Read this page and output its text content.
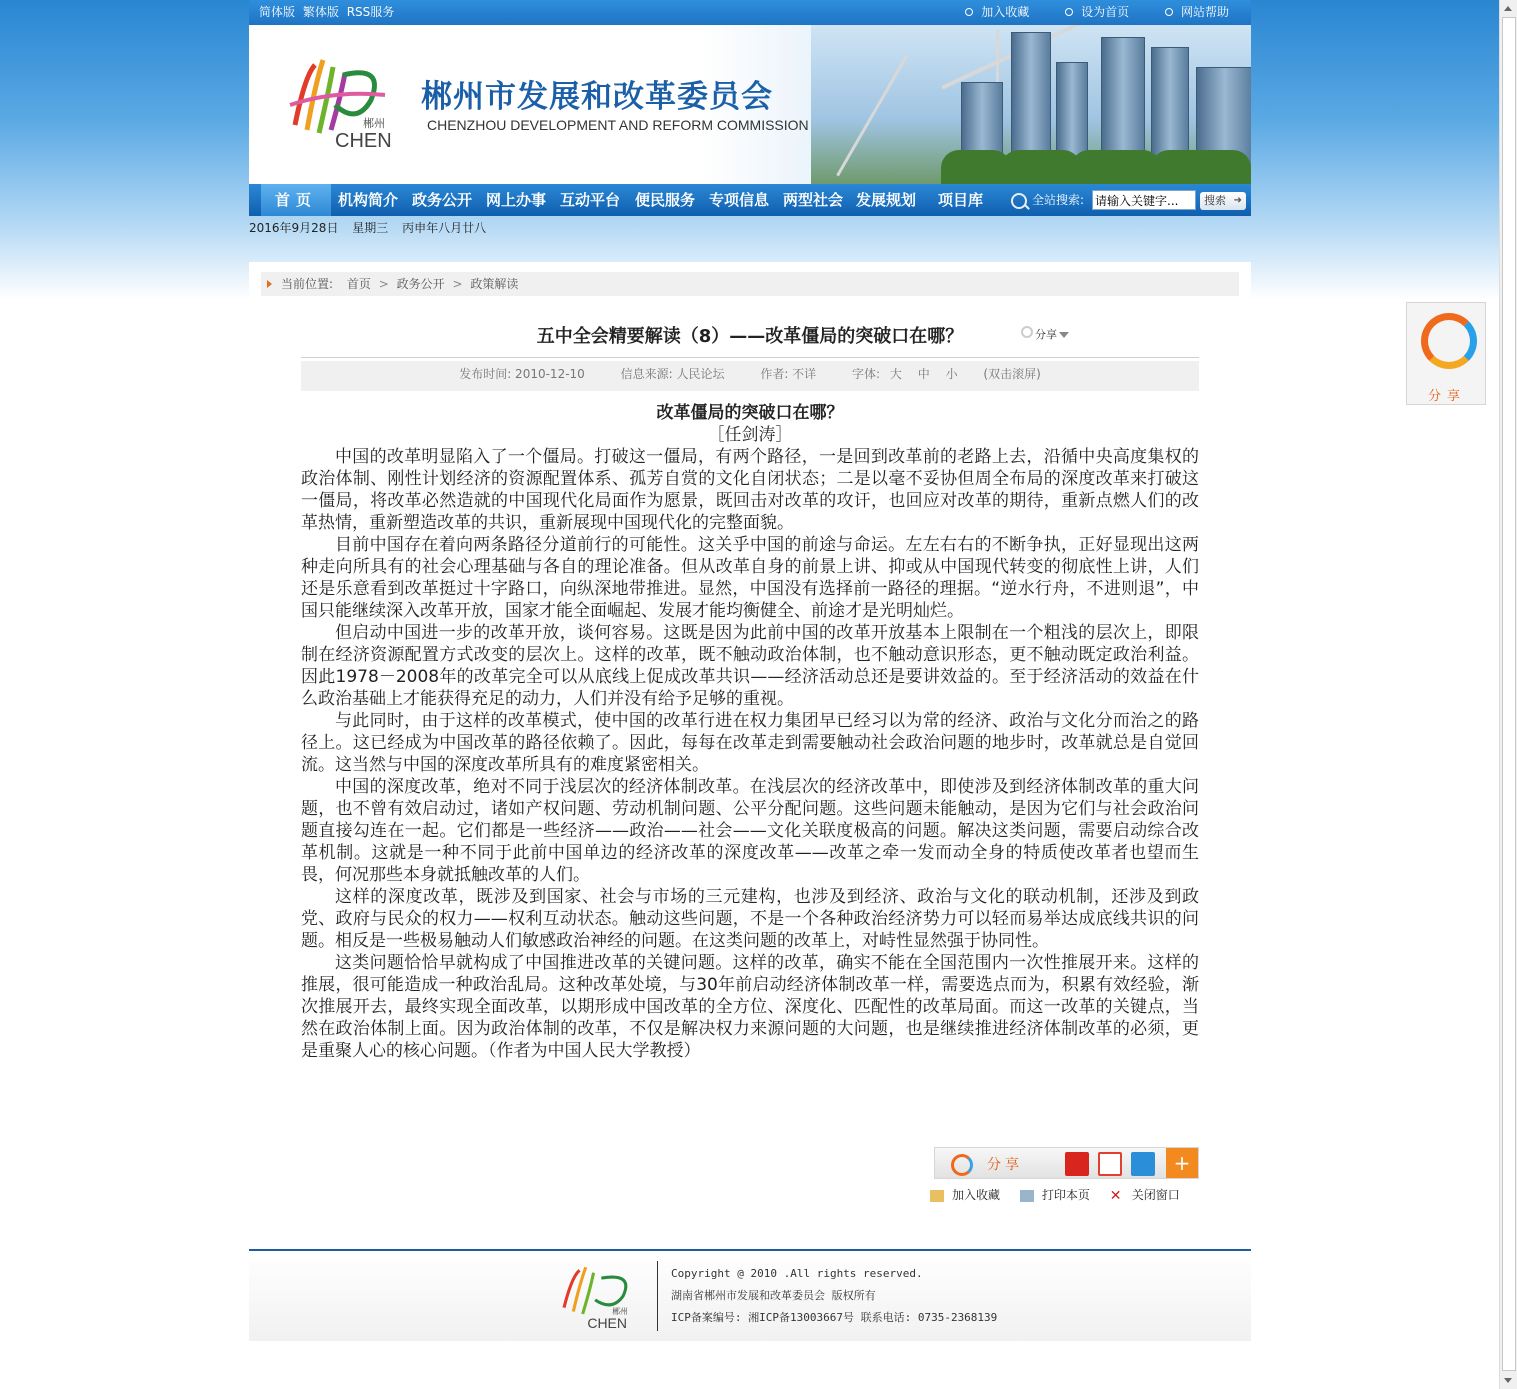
简体版 繁体版 RSS服务	加入收藏	设为首页	网站帮助
CHEN
郴州
郴州市发展和改革委员会
CHENZHOU DEVELOPMENT AND REFORM COMMISSION
首页	机构简介 政务公开 网上办事 互动平台 便民服务 专项信息 两型社会 发展规划 项目库	全站搜索:
请输入关键字...	搜索 ➜
2016年9月28日 星期三 丙申年八月廿八
当前位置: 首页 > 政务公开 > 政策解读
五中全会精要解读（8）——改革僵局的突破口在哪？	分享
发布时间: 2010-12-10	信息来源: 人民论坛	作者: 不详	字体: 大 中 小 (双击滚屏)
改革僵局的突破口在哪？
［任剑涛］

中国的改革明显陷入了一个僵局。打破这一僵局，有两个路径，一是回到改革前的老路上去，沿循中央高度集权的政治体制、刚性计划经济的资源配置体系、孤芳自赏的文化自闭状态；二是以毫不妥协但周全布局的深度改革来打破这一僵局，将改革必然造就的中国现代化局面作为愿景，既回击对改革的攻讦，也回应对改革的期待，重新点燃人们的改革热情，重新塑造改革的共识，重新展现中国现代化的完整面貌。

目前中国存在着向两条路径分道前行的可能性。这关乎中国的前途与命运。左左右右的不断争执，正好显现出这两种走向所具有的社会心理基础与各自的理论准备。但从改革自身的前景上讲、抑或从中国现代转变的彻底性上讲，人们还是乐意看到改革挺过十字路口，向纵深地带推进。显然，中国没有选择前一路径的理据。“逆水行舟，不进则退”，中国只能继续深入改革开放，国家才能全面崛起、发展才能均衡健全、前途才是光明灿烂。

但启动中国进一步的改革开放，谈何容易。这既是因为此前中国的改革开放基本上限制在一个粗浅的层次上，即限制在经济资源配置方式改变的层次上。这样的改革，既不触动政治体制，也不触动意识形态，更不触动既定政治利益。因此1978－2008年的改革完全可以从底线上促成改革共识——经济活动总还是要讲效益的。至于经济活动的效益在什么政治基础上才能获得充足的动力，人们并没有给予足够的重视。

与此同时，由于这样的改革模式，使中国的改革行进在权力集团早已经习以为常的经济、政治与文化分而治之的路径上。这已经成为中国改革的路径依赖了。因此，每每在改革走到需要触动社会政治问题的地步时，改革就总是自觉回流。这当然与中国的深度改革所具有的难度紧密相关。

中国的深度改革，绝对不同于浅层次的经济体制改革。在浅层次的经济改革中，即使涉及到经济体制改革的重大问题，也不曾有效启动过，诸如产权问题、劳动机制问题、公平分配问题。这些问题未能触动，是因为它们与社会政治问题直接勾连在一起。它们都是一些经济——政治——社会——文化关联度极高的问题。解决这类问题，需要启动综合改革机制。这就是一种不同于此前中国单边的经济改革的深度改革——改革之牵一发而动全身的特质使改革者也望而生畏，何况那些本身就抵触改革的人们。

这样的深度改革，既涉及到国家、社会与市场的三元建构，也涉及到经济、政治与文化的联动机制，还涉及到政党、政府与民众的权力——权利互动状态。触动这些问题，不是一个各种政治经济势力可以轻而易举达成底线共识的问题。相反是一些极易触动人们敏感政治神经的问题。在这类问题的改革上，对峙性显然强于协同性。

这类问题恰恰早就构成了中国推进改革的关键问题。这样的改革，确实不能在全国范围内一次性推展开来。这样的推展，很可能造成一种政治乱局。这种改革处境，与30年前启动经济体制改革一样，需要选点而为，积累有效经验，渐次推展开去，最终实现全面改革，以期形成中国改革的全方位、深度化、匹配性的改革局面。而这一改革的关键点，当然在政治体制上面。因为政治体制的改革，不仅是解决权力来源问题的大问题，也是继续推进经济体制改革的必须，更是重聚人心的核心问题。（作者为中国人民大学教授）

分享	+
加入收藏	打印本页 ✕ 关闭窗口
CHEN
郴州
Copyright @ 2010 .All rights reserved.
湖南省郴州市发展和改革委员会 版权所有
ICP备案编号: 湘ICP备13003667号 联系电话: 0735-2368139
分享
